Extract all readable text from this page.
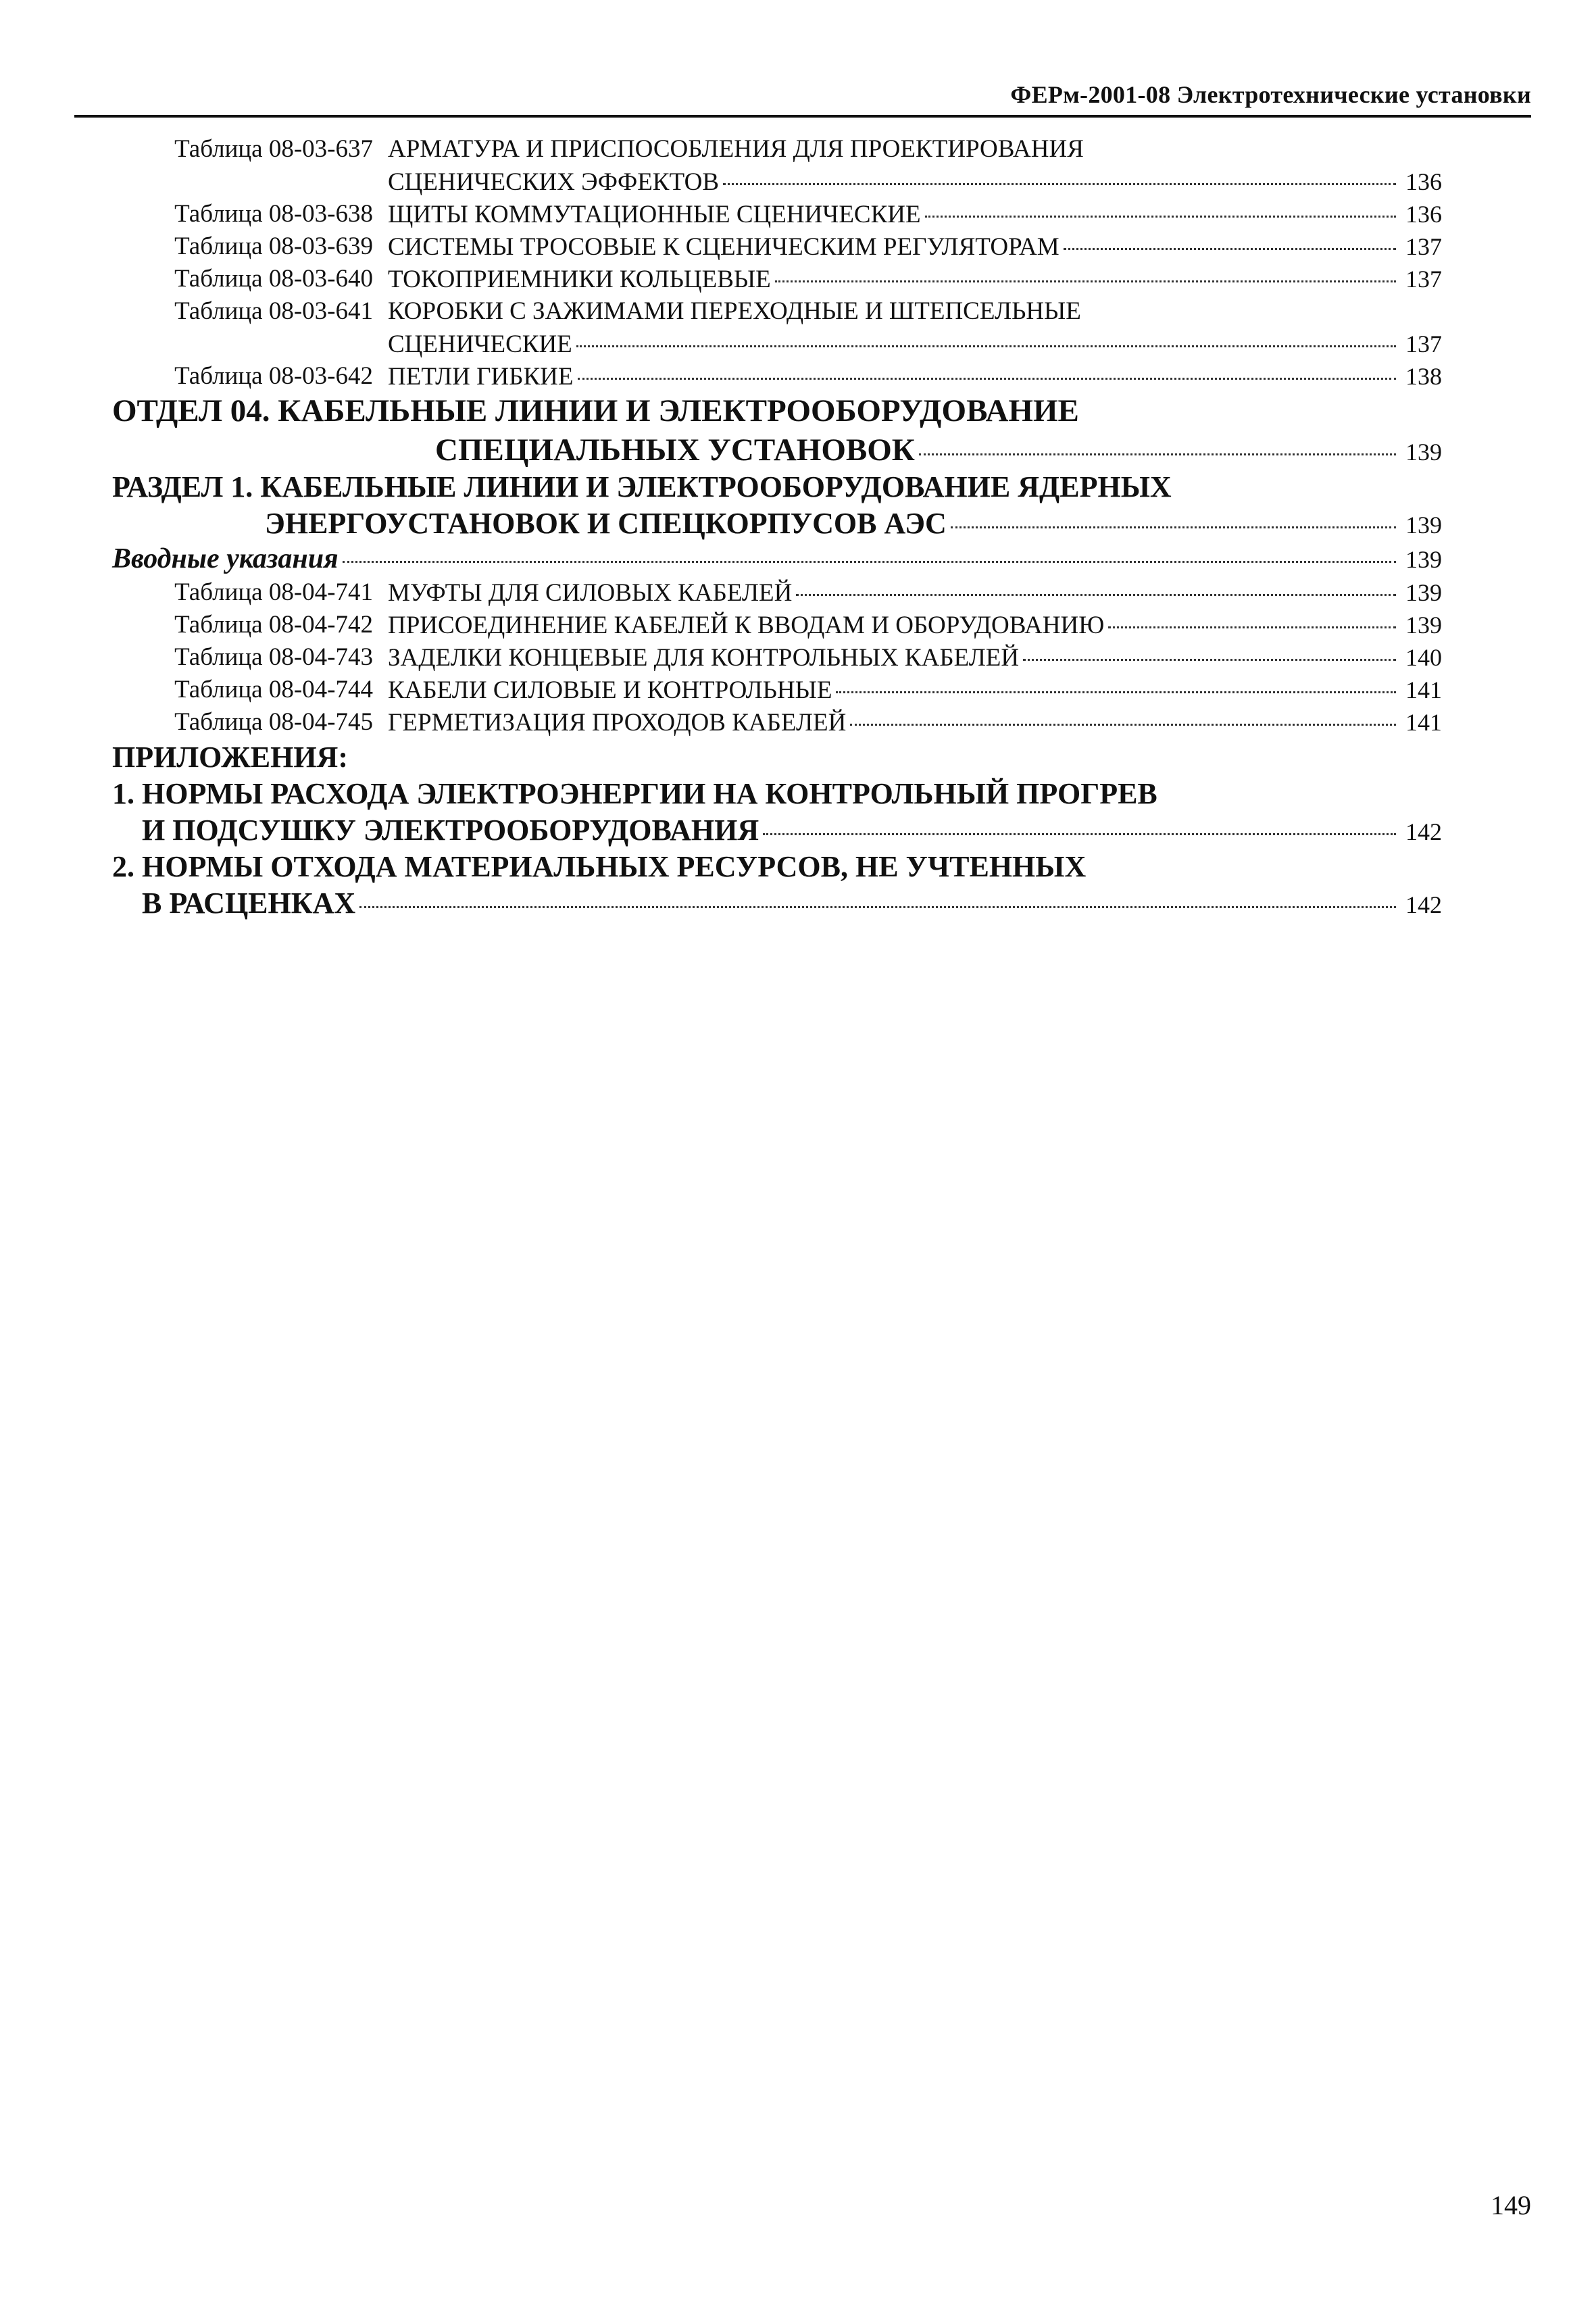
ФЕРм-2001-08 Электротехнические установки
Таблица 08-03-637 АРМАТУРА И ПРИСПОСОБЛЕНИЯ ДЛЯ ПРОЕКТИРОВАНИЯ
СЦЕНИЧЕСКИХ ЭФФЕКТОВ	136
Таблица 08-03-638 ЩИТЫ КОММУТАЦИОННЫЕ СЦЕНИЧЕСКИЕ	136
Таблица 08-03-639 СИСТЕМЫ ТРОСОВЫЕ К СЦЕНИЧЕСКИМ РЕГУЛЯТОРАМ	137
Таблица 08-03-640 ТОКОПРИЕМНИКИ КОЛЬЦЕВЫЕ	137
Таблица 08-03-641 КОРОБКИ С ЗАЖИМАМИ ПЕРЕХОДНЫЕ И ШТЕПСЕЛЬНЫЕ
СЦЕНИЧЕСКИЕ	137
Таблица 08-03-642 ПЕТЛИ ГИБКИЕ	138
ОТДЕЛ 04. КАБЕЛЬНЫЕ ЛИНИИ И ЭЛЕКТРООБОРУДОВАНИЕ
СПЕЦИАЛЬНЫХ УСТАНОВОК	139
РАЗДЕЛ 1. КАБЕЛЬНЫЕ ЛИНИИ И ЭЛЕКТРООБОРУДОВАНИЕ ЯДЕРНЫХ
ЭНЕРГОУСТАНОВОК И СПЕЦКОРПУСОВ АЭС	139
Вводные указания	139
Таблица 08-04-741 МУФТЫ ДЛЯ СИЛОВЫХ КАБЕЛЕЙ	139
Таблица 08-04-742 ПРИСОЕДИНЕНИЕ КАБЕЛЕЙ К ВВОДАМ И ОБОРУДОВАНИЮ	139
Таблица 08-04-743 ЗАДЕЛКИ КОНЦЕВЫЕ ДЛЯ КОНТРОЛЬНЫХ КАБЕЛЕЙ	140
Таблица 08-04-744 КАБЕЛИ СИЛОВЫЕ И КОНТРОЛЬНЫЕ	141
Таблица 08-04-745 ГЕРМЕТИЗАЦИЯ ПРОХОДОВ КАБЕЛЕЙ	141
ПРИЛОЖЕНИЯ:
1. НОРМЫ РАСХОДА ЭЛЕКТРОЭНЕРГИИ НА КОНТРОЛЬНЫЙ ПРОГРЕВ
И ПОДСУШКУ ЭЛЕКТРООБОРУДОВАНИЯ	142
2. НОРМЫ ОТХОДА МАТЕРИАЛЬНЫХ РЕСУРСОВ, НЕ УЧТЕННЫХ
В РАСЦЕНКАХ	142
149
